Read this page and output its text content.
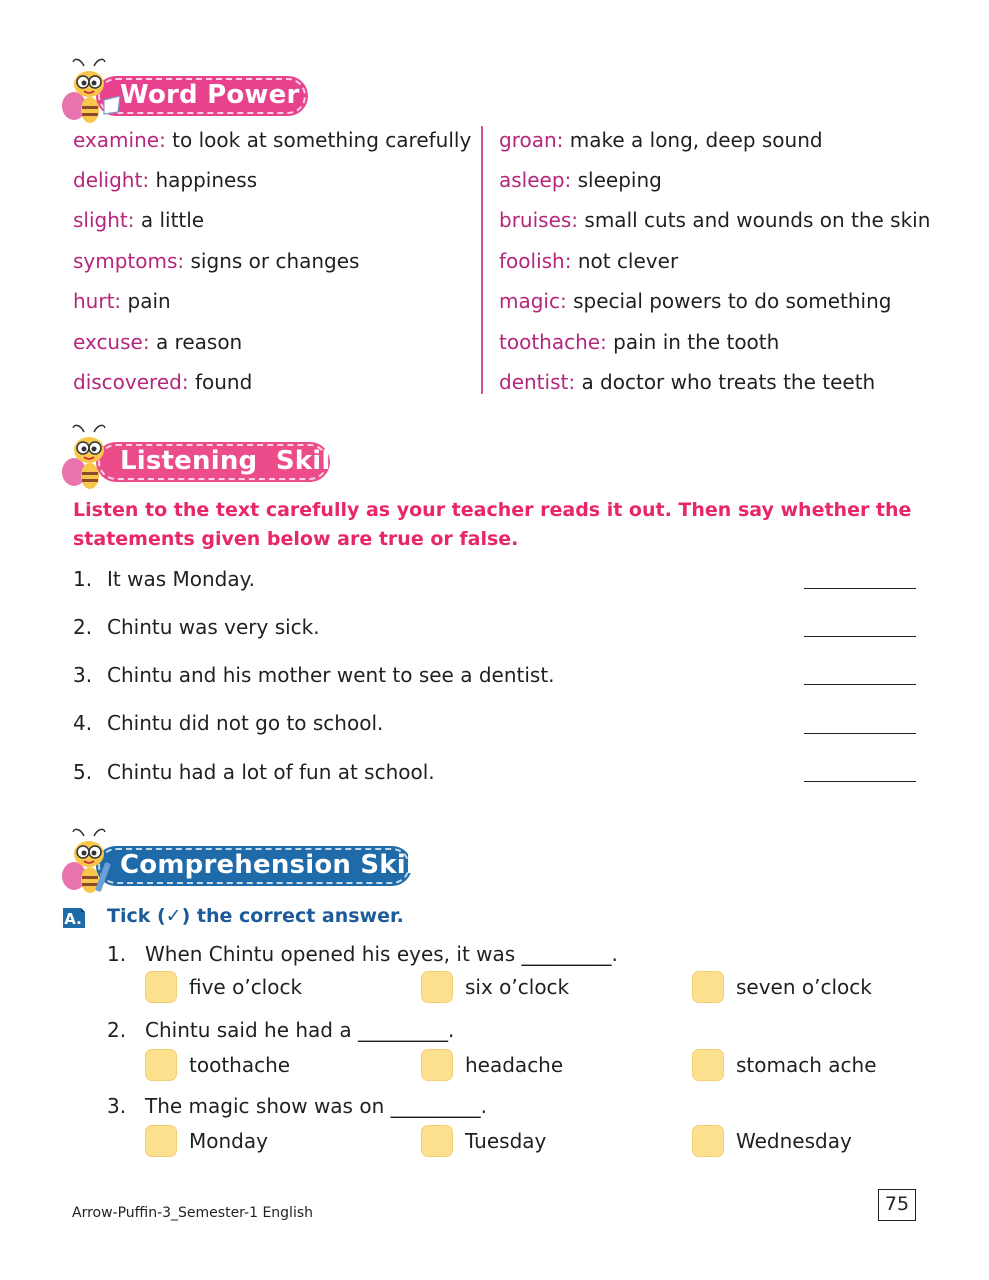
Word Power
examine: to look at something carefully
delight: happiness
slight: a little
symptoms: signs or changes
hurt: pain
excuse: a reason
discovered: found
groan: make a long, deep sound
asleep: sleeping
bruises: small cuts and wounds on the skin
foolish: not clever
magic: special powers to do something
toothache: pain in the tooth
dentist: a doctor who treats the teeth
Listening  Skills
Listen to the text carefully as your teacher reads it out. Then say whether the statements given below are true or false.
1. It was Monday.
2. Chintu was very sick.
3. Chintu and his mother went to see a dentist.
4. Chintu did not go to school.
5. Chintu had a lot of fun at school.
Comprehension Skills
A. Tick (✓) the correct answer.
1. When Chintu opened his eyes, it was _________.
five o’clock	six o’clock	seven o’clock
2. Chintu said he had a _________.
toothache	headache	stomach ache
3. The magic show was on _________.
Monday	Tuesday	Wednesday
Arrow-Puffin-3_Semester-1 English	75
